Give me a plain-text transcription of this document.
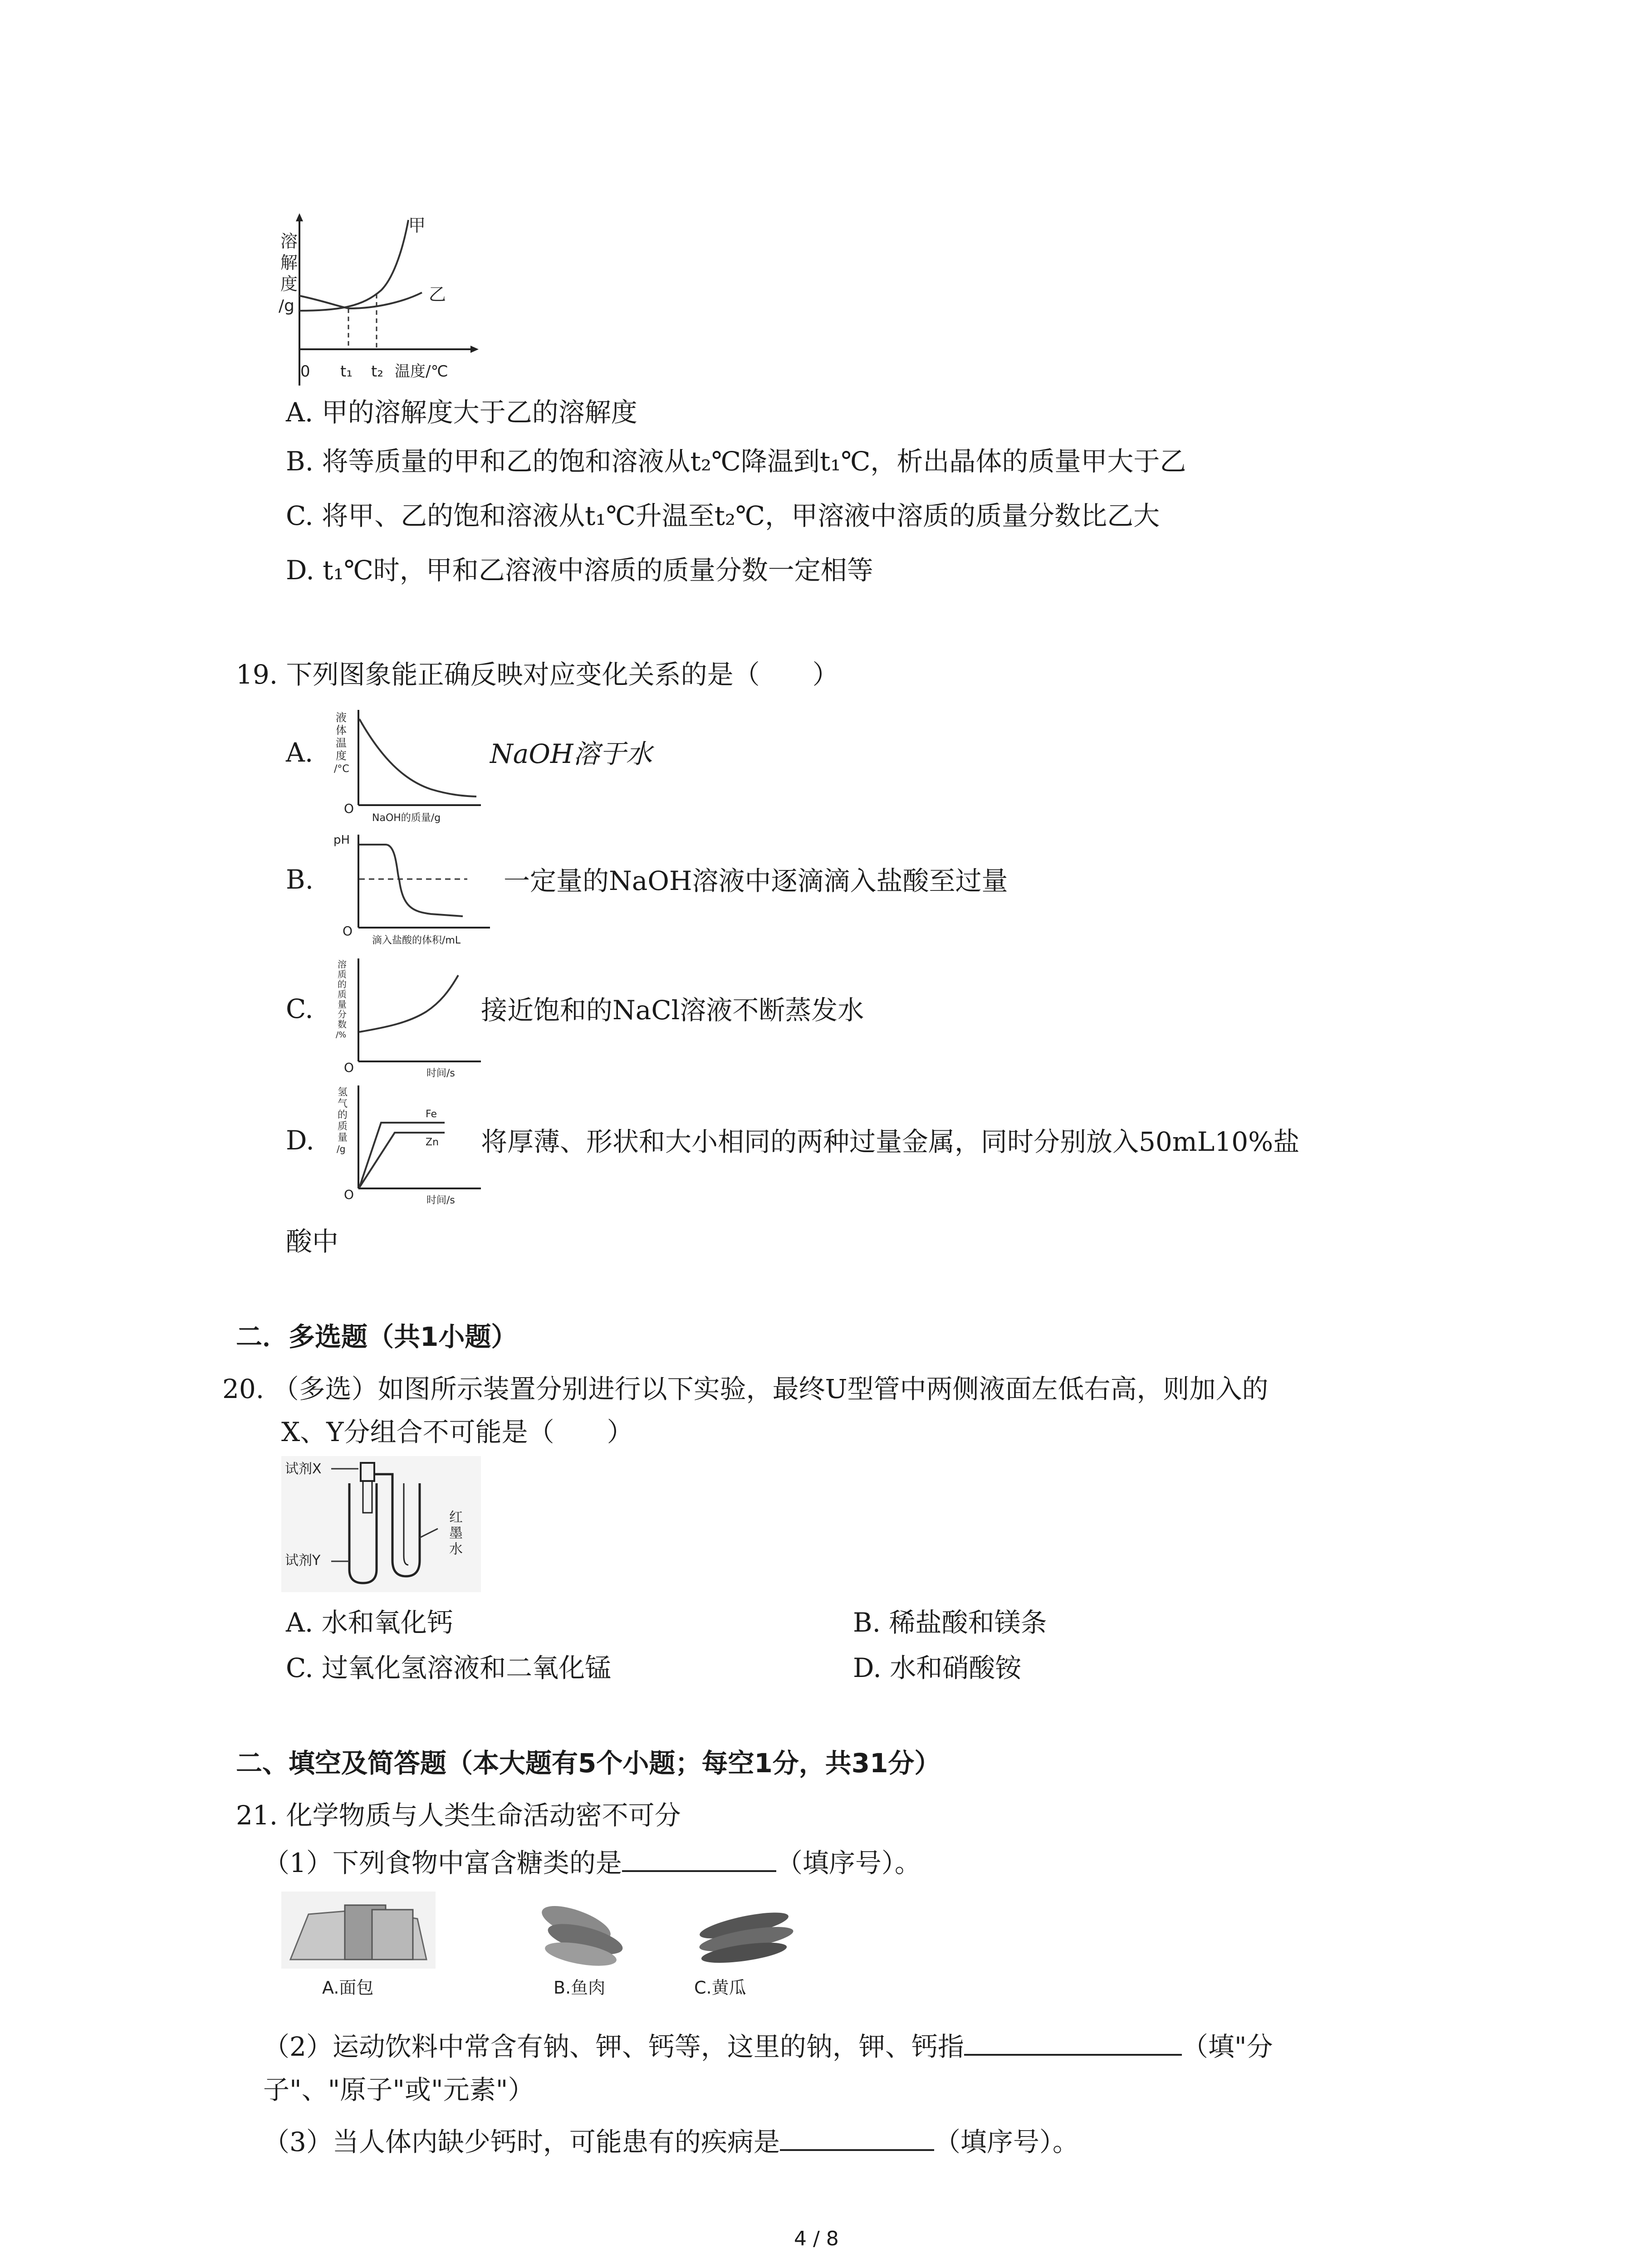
溶
解
度
/g
甲
乙
0 t₁ t₂ 温度/℃
A. 甲的溶解度大于乙的溶解度
B. 将等质量的甲和乙的饱和溶液从t₂℃降温到t₁℃，析出晶体的质量甲大于乙
C. 将甲、乙的饱和溶液从t₁℃升温至t₂℃，甲溶液中溶质的质量分数比乙大
D. t₁℃时，甲和乙溶液中溶质的质量分数一定相等
19. 下列图象能正确反映对应变化关系的是（　　）
A.
液
体
温
度
/°C
O
NaOH的质量/g
NaOH溶于水
B.
pH
O
滴入盐酸的体积/mL
一定量的NaOH溶液中逐滴滴入盐酸至过量
C.
溶
质
的
质
量
分
数
/%
O	时间/s
接近饱和的NaCl溶液不断蒸发水
D.
氢
气
的
质
量
/g
Fe
Zn
O	时间/s
将厚薄、形状和大小相同的两种过量金属，同时分别放入50mL10%盐
酸中
二．多选题（共1小题）
20. （多选）如图所示装置分别进行以下实验，最终U型管中两侧液面左低右高，则加入的
X、Y分组合不可能是（　　）
试剂X
试剂Y
红
墨
水
A. 水和氧化钙	B. 稀盐酸和镁条
C. 过氧化氢溶液和二氧化锰	D. 水和硝酸铵
二、填空及简答题（本大题有5个小题；每空1分，共31分）
21. 化学物质与人类生命活动密不可分
（1）下列食物中富含糖类的是	（填序号）。
A.面包	B.鱼肉	C.黄瓜
（2）运动饮料中常含有钠、钾、钙等，这里的钠，钾、钙指	（填"分
子"、"原子"或"元素"）
（3）当人体内缺少钙时，可能患有的疾病是	（填序号）。
4 / 8
